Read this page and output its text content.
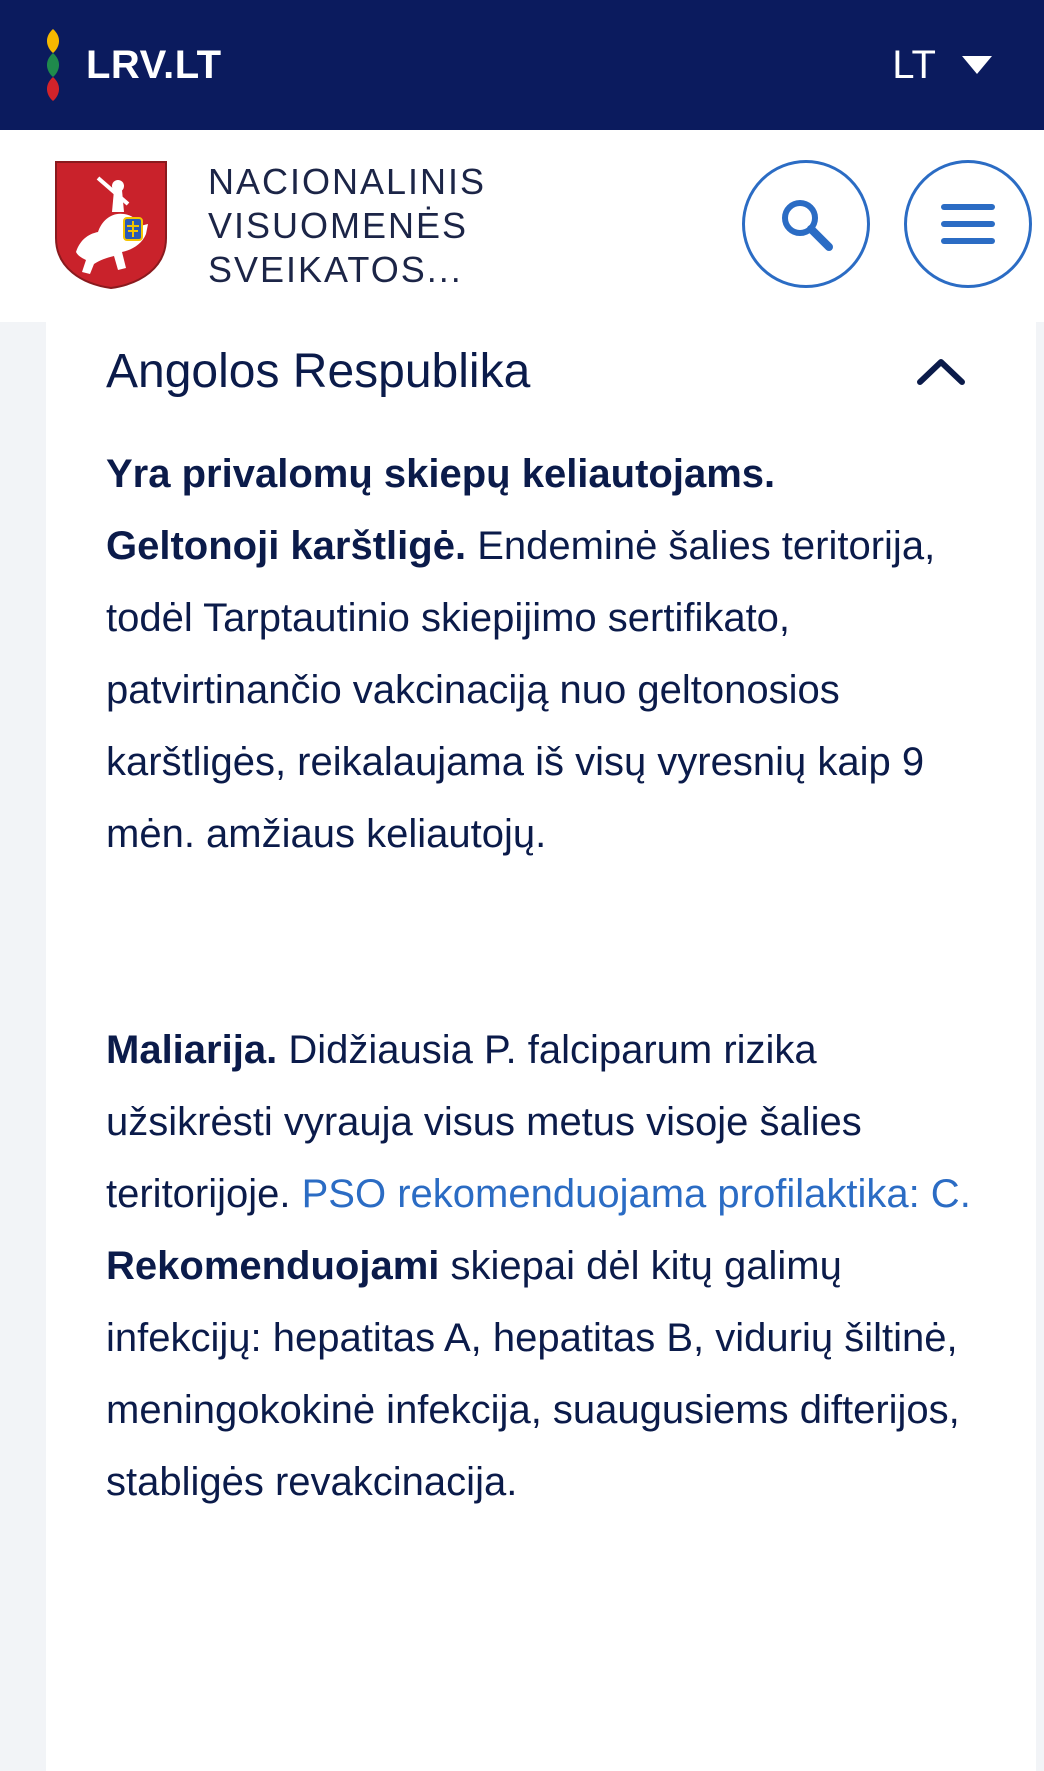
LRV.LT	LT
NACIONALINIS
VISUOMENĖS
SVEIKATOS...
Angolos Respublika

Yra privalomų skiepų keliautojams.
Geltonoji karštligė. Endeminė šalies teritorija, todėl Tarptautinio skiepijimo sertifikato, patvirtinančio vakcinaciją nuo geltonosios karštligės, reikalaujama iš visų vyresnių kaip 9 mėn. amžiaus keliautojų.

Maliarija. Didžiausia P. falciparum rizika užsikrėsti vyrauja visus metus visoje šalies teritorijoje. PSO rekomenduojama profilaktika: C.
Rekomenduojami skiepai dėl kitų galimų infekcijų: hepatitas A, hepatitas B, vidurių šiltinė, meningokokinė infekcija, suaugusiems difterijos, stabligės revakcinacija.
